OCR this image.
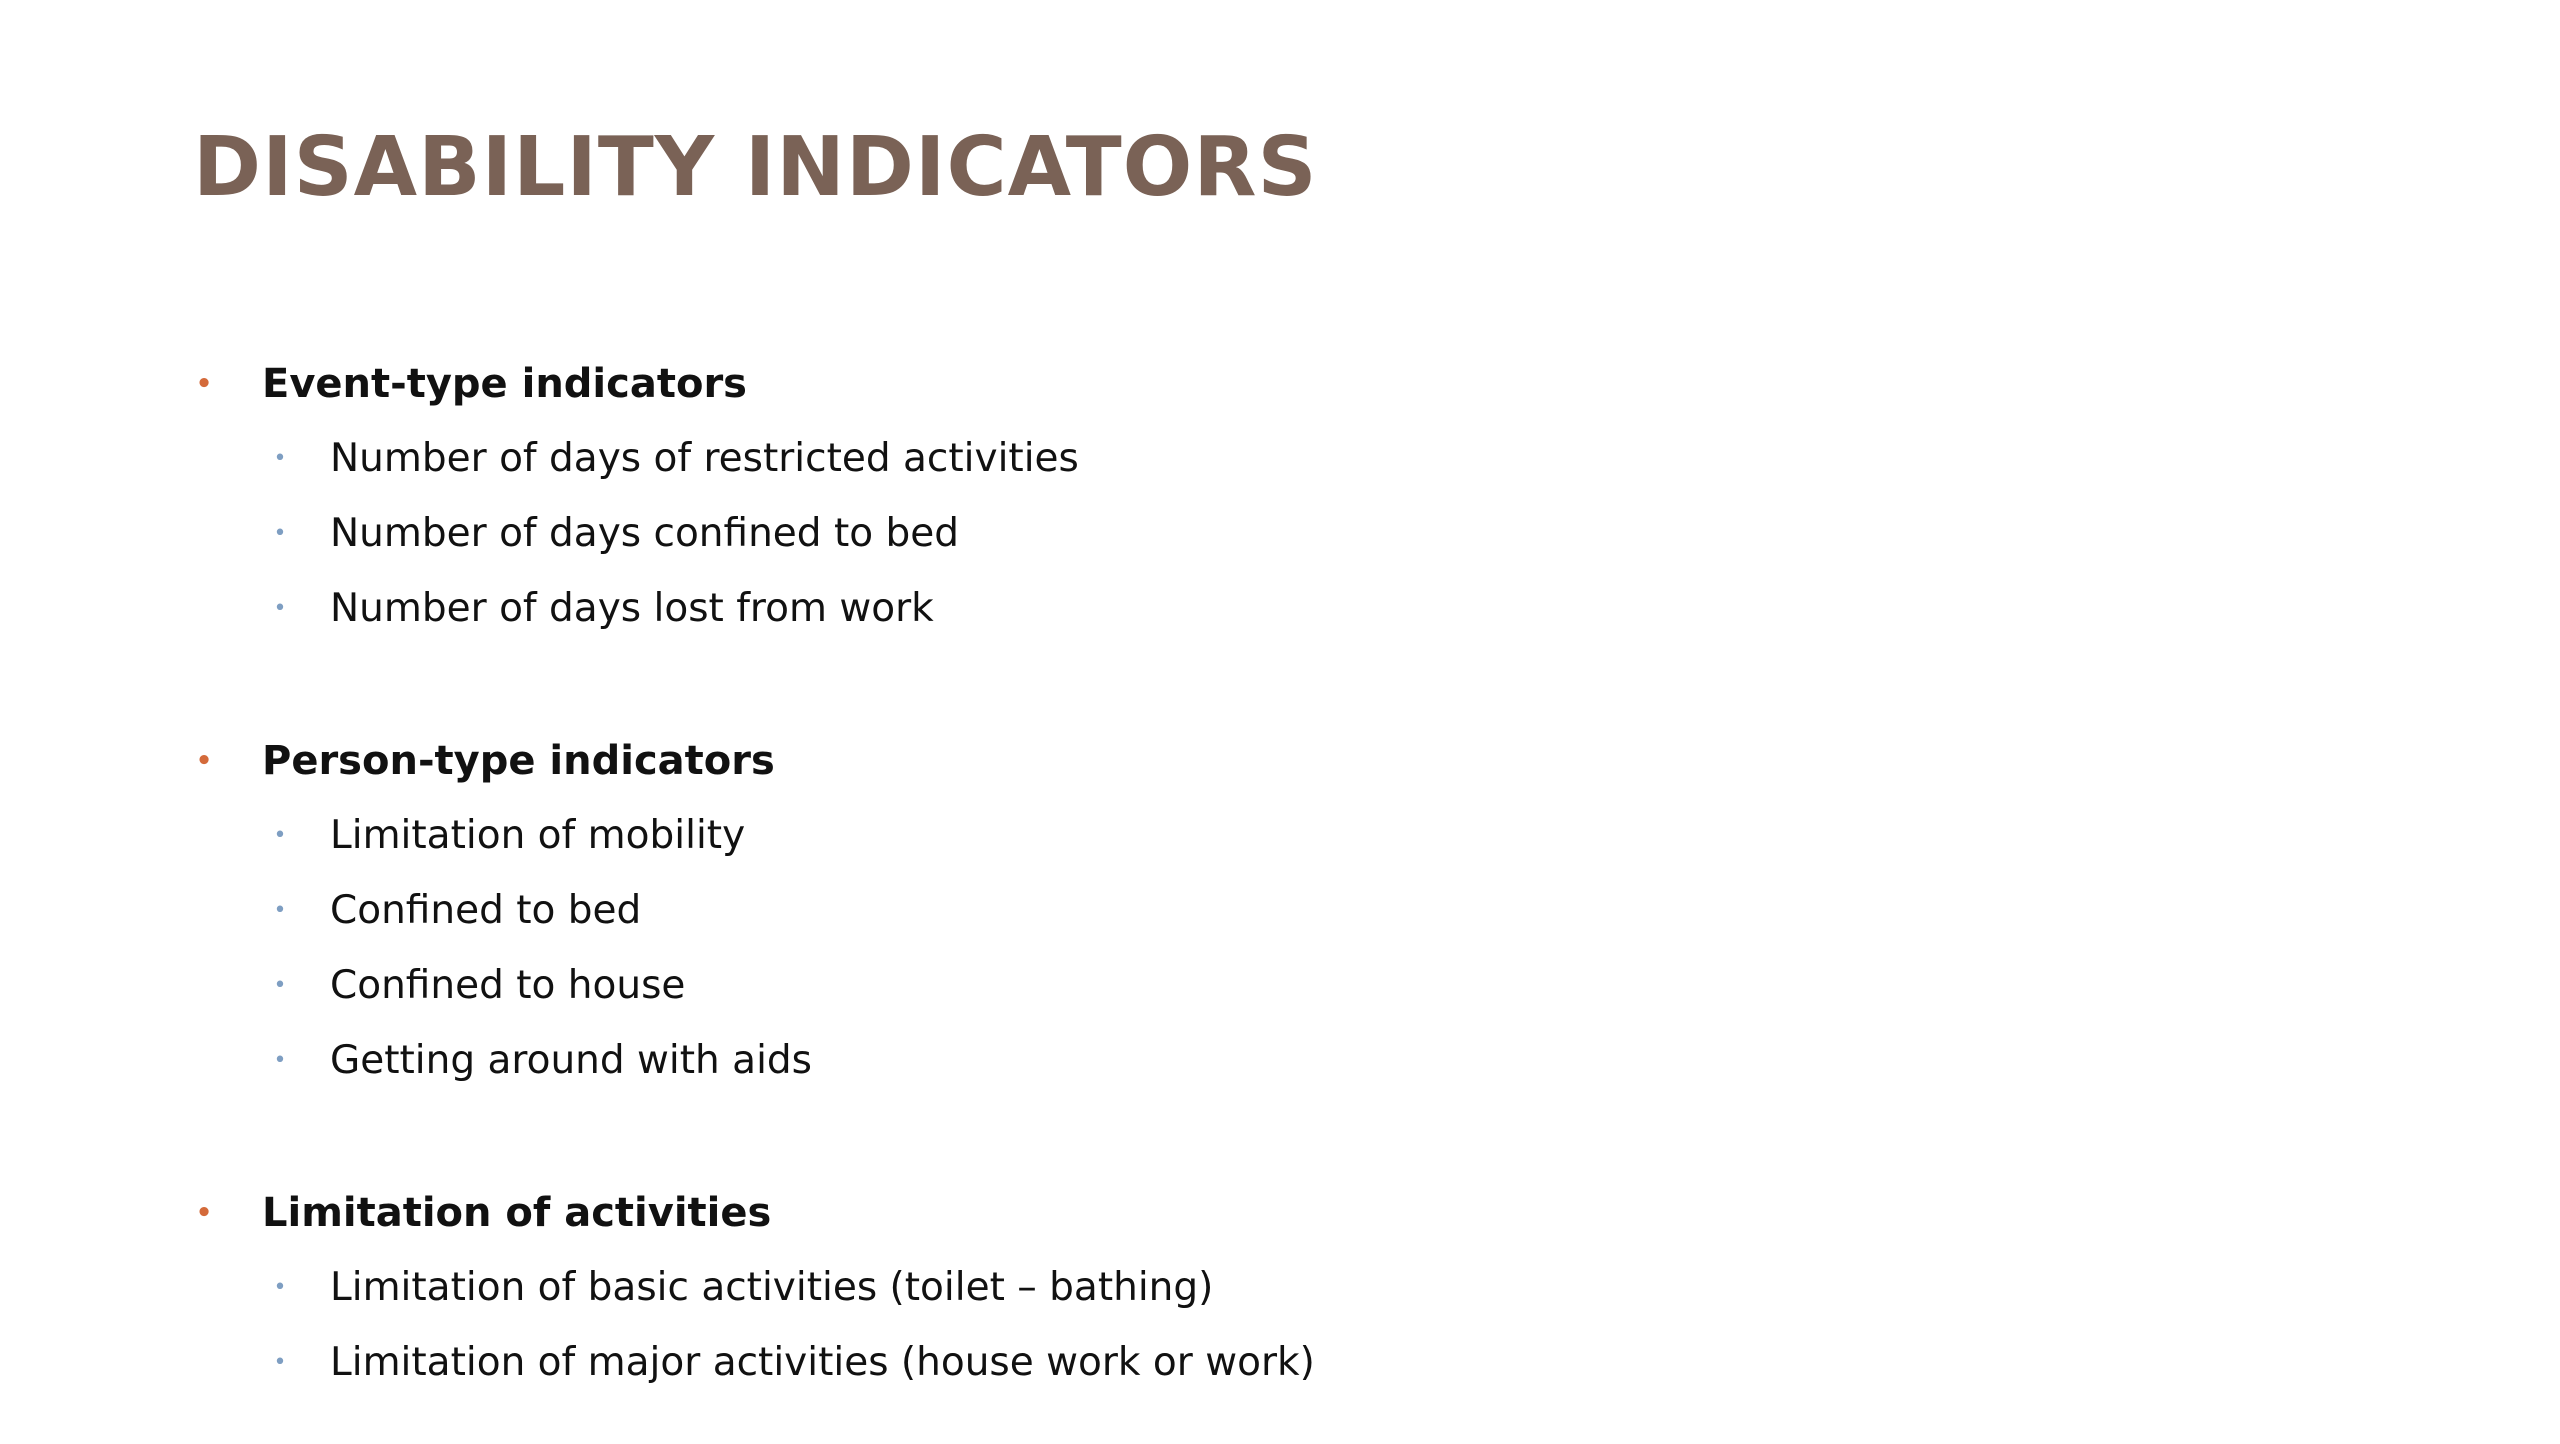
DISABILITY INDICATORS
• Event-type indicators
• Number of days of restricted activities
• Number of days confined to bed
• Number of days lost from work
• Person-type indicators
• Limitation of mobility
• Confined to bed
• Confined to house
• Getting around with aids
• Limitation of activities
• Limitation of basic activities (toilet – bathing)
• Limitation of major activities (house work or work)
